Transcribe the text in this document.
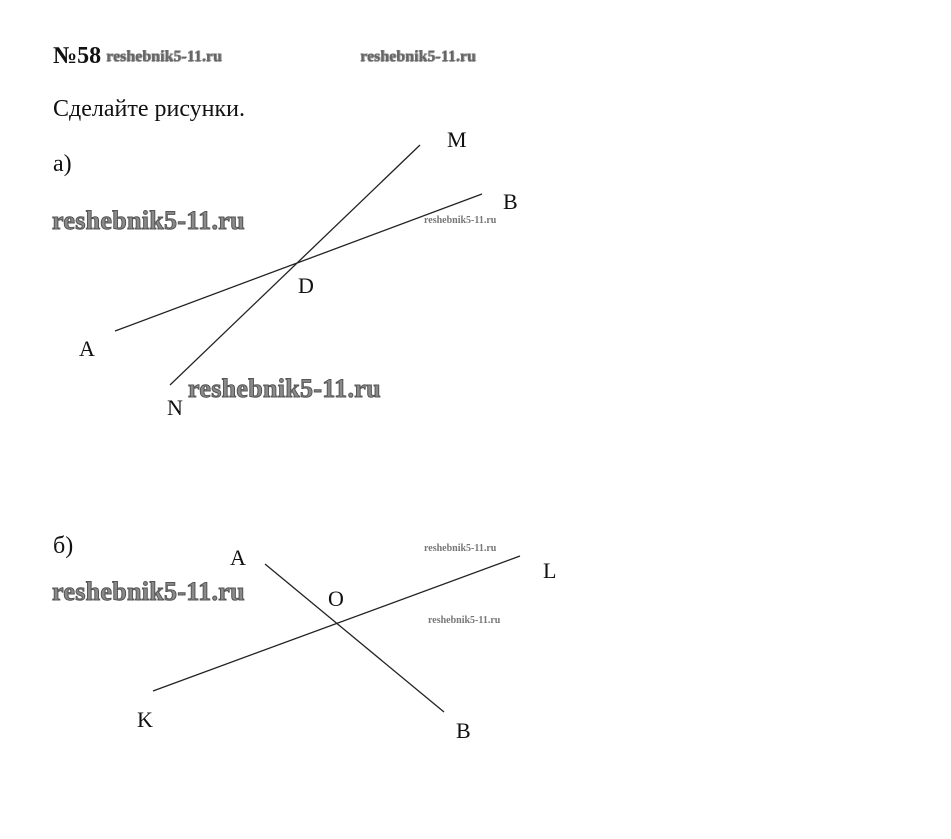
№58 reshebnik5-11.ru	reshebnik5-11.ru
Сделайте рисунки.
а)
M
B
A
D
N
reshebnik5-11.ru	reshebnik5-11.ru
reshebnik5-11.ru
б)	A
L
O
K	B
reshebnik5-11.ru
reshebnik5-11.ru
reshebnik5-11.ru
